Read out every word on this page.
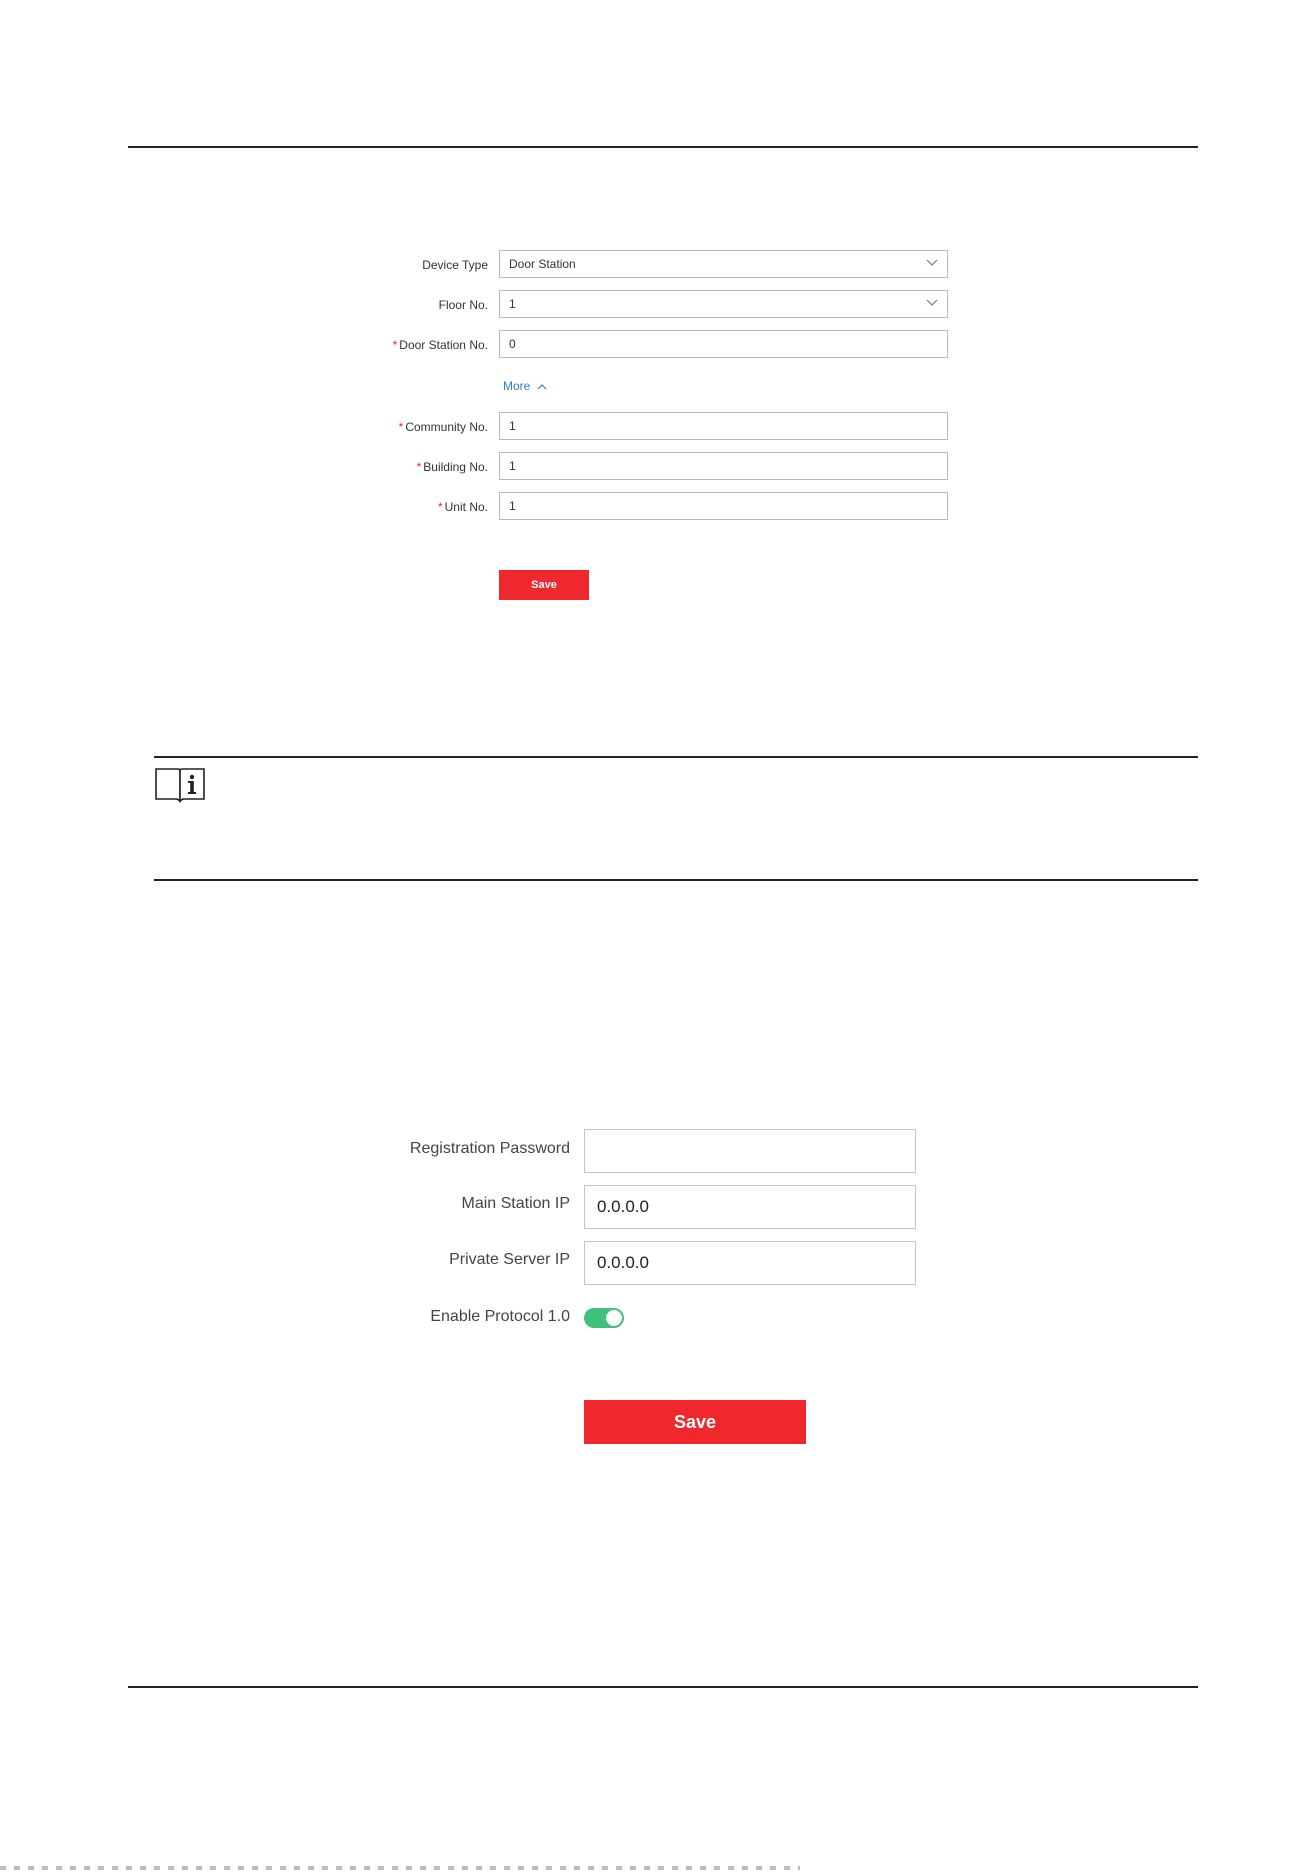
Device Type	Door Station
Floor No.	1
* Door Station No.	0
More
* Community No.	1
* Building No.	1
* Unit No.	1
Save
Registration Password
Main Station IP	0.0.0.0
Private Server IP	0.0.0.0
Enable Protocol 1.0
Save
